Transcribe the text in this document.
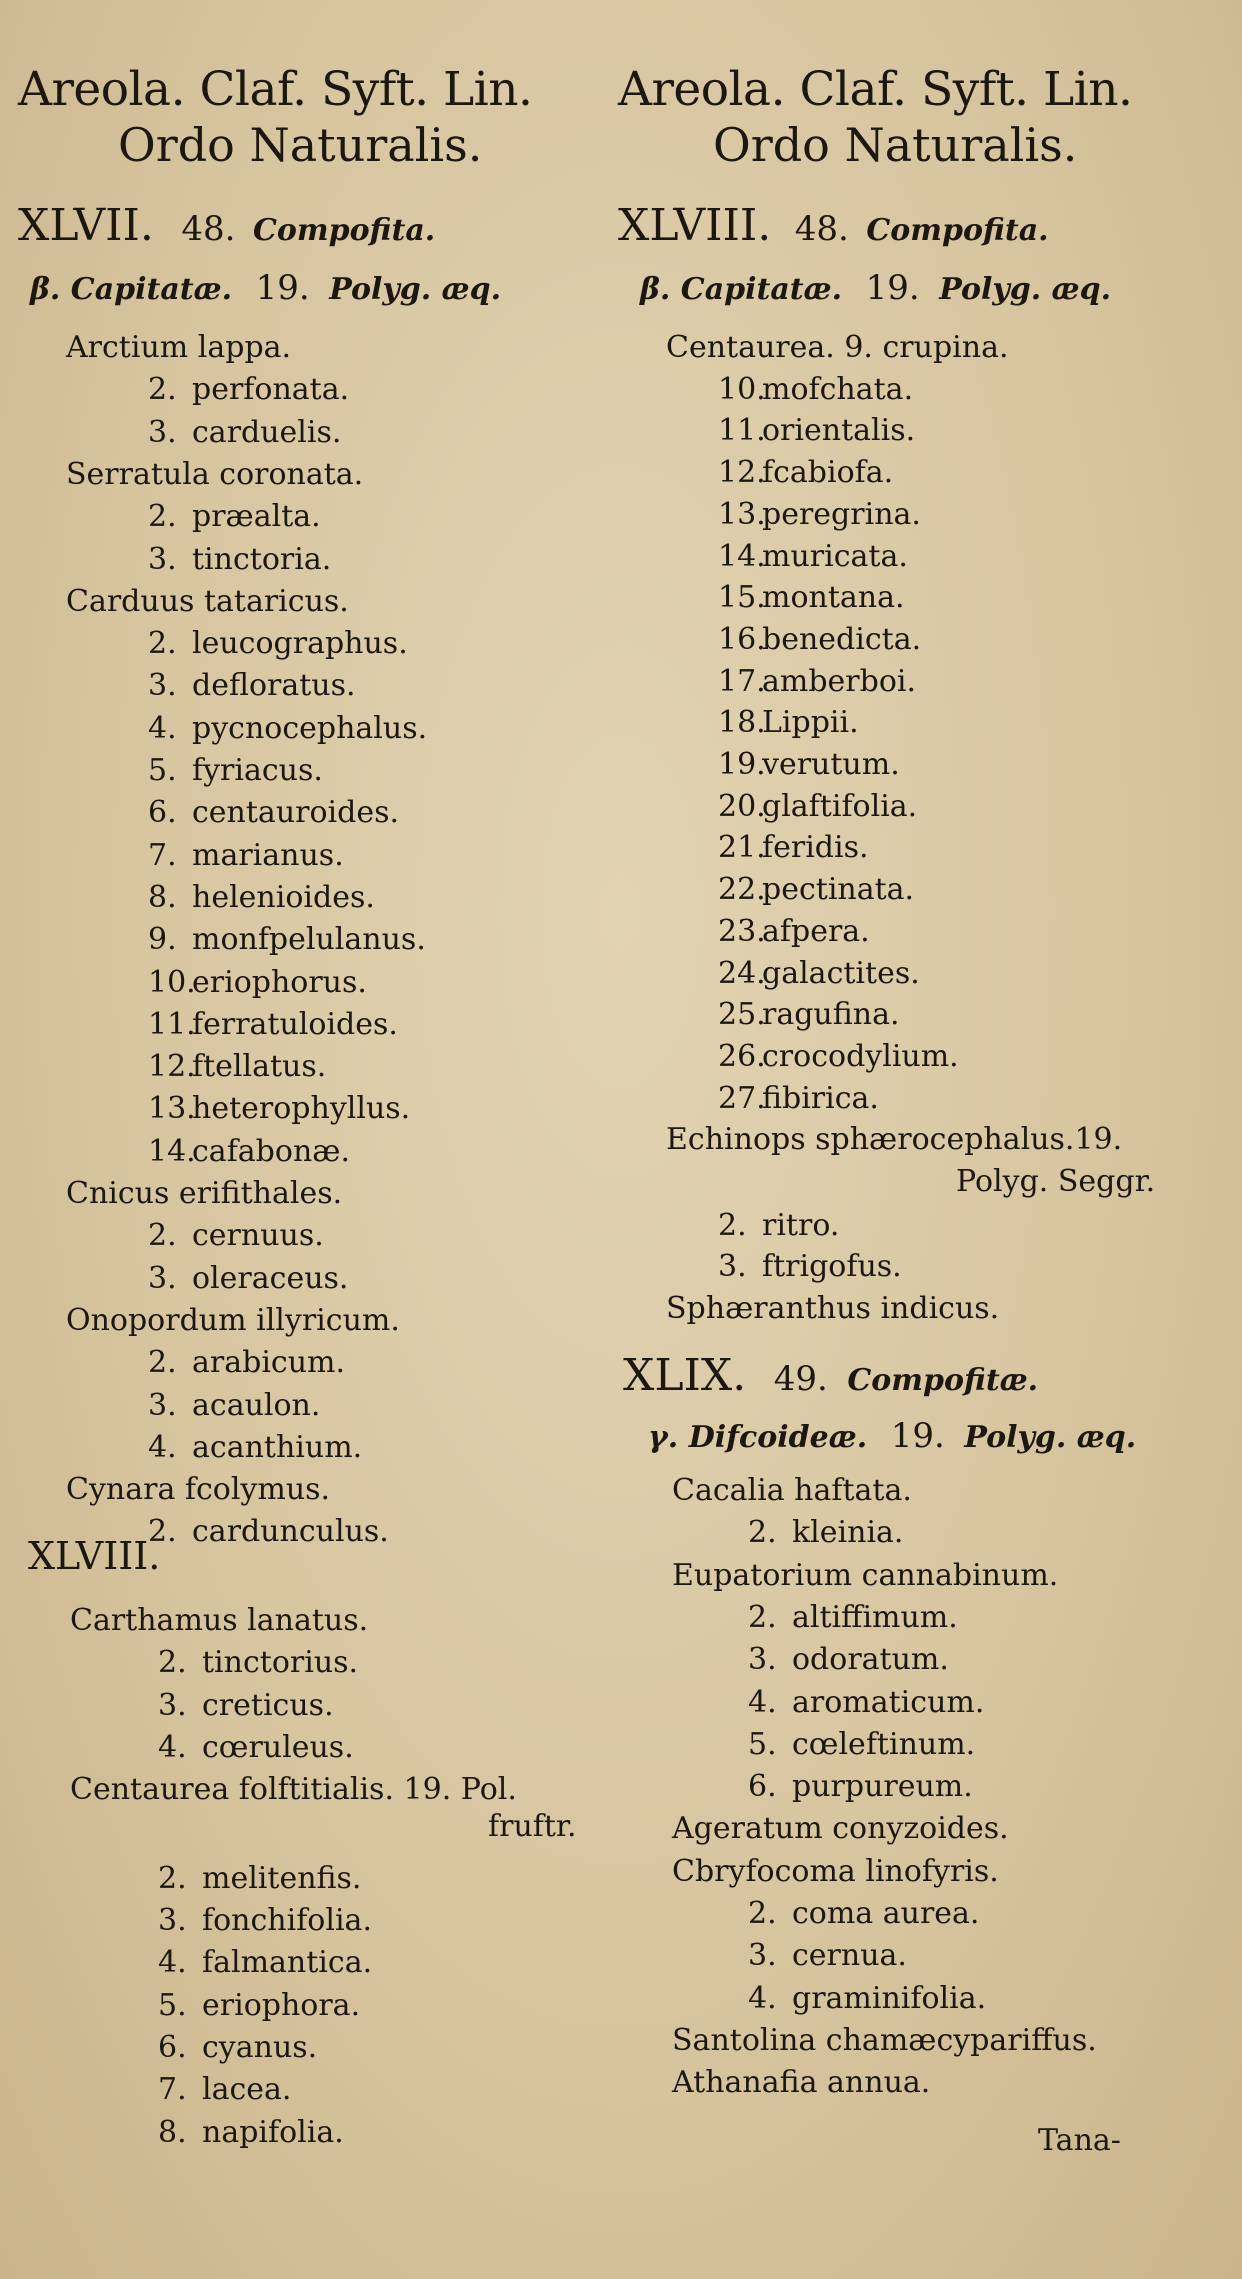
Areola. Claf. Syft. Lin.
Ordo Naturalis.
XLVII. 48. Compofita.
β. Capitatæ. 19. Polyg. æq.
Arctium lappa.
2. perfonata.
3. carduelis.
Serratula coronata.
2. præalta.
3. tinctoria.
Carduus tataricus.
2. leucographus.
3. defloratus.
4. pycnocephalus.
5. fyriacus.
6. centauroides.
7. marianus.
8. helenioides.
9. monfpelulanus.
10.eriophorus.
11.ferratuloides.
12.ftellatus.
13.heterophyllus.
14.cafabonæ.
Cnicus erifithales.
2. cernuus.
3. oleraceus.
Onopordum illyricum.
2. arabicum.
3. acaulon.
4. acanthium.
Cynara fcolymus.
2. cardunculus.
XLVIII.
Carthamus lanatus.
2. tinctorius.
3. creticus.
4. cœruleus.
Centaurea folftitialis. 19. Pol.
fruftr.
2. melitenfis.
3. fonchifolia.
4. falmantica.
5. eriophora.
6. cyanus.
7. lacea.
8. napifolia.
Areola. Claf. Syft. Lin.
Ordo Naturalis.
XLVIII. 48. Compofita.
β. Capitatæ. 19. Polyg. æq.
Centaurea. 9. crupina.
10.mofchata.
11.orientalis.
12.fcabiofa.
13.peregrina.
14.muricata.
15.montana.
16.benedicta.
17.amberboi.
18.Lippii.
19.verutum.
20.glaftifolia.
21.feridis.
22.pectinata.
23.afpera.
24.galactites.
25.ragufina.
26.crocodylium.
27.fibirica.
Echinops sphærocephalus.19.
Polyg. Seggr.
2. ritro.
3. ftrigofus.
Sphæranthus indicus.
XLIX. 49. Compofitæ.
γ. Difcoideæ. 19. Polyg. æq.
Cacalia haftata.
2. kleinia.
Eupatorium cannabinum.
2. altiffimum.
3. odoratum.
4. aromaticum.
5. cœleftinum.
6. purpureum.
Ageratum conyzoides.
Cbryfocoma linofyris.
2. coma aurea.
3. cernua.
4. graminifolia.
Santolina chamæcypariffus.
Athanafia annua.
Tana-
